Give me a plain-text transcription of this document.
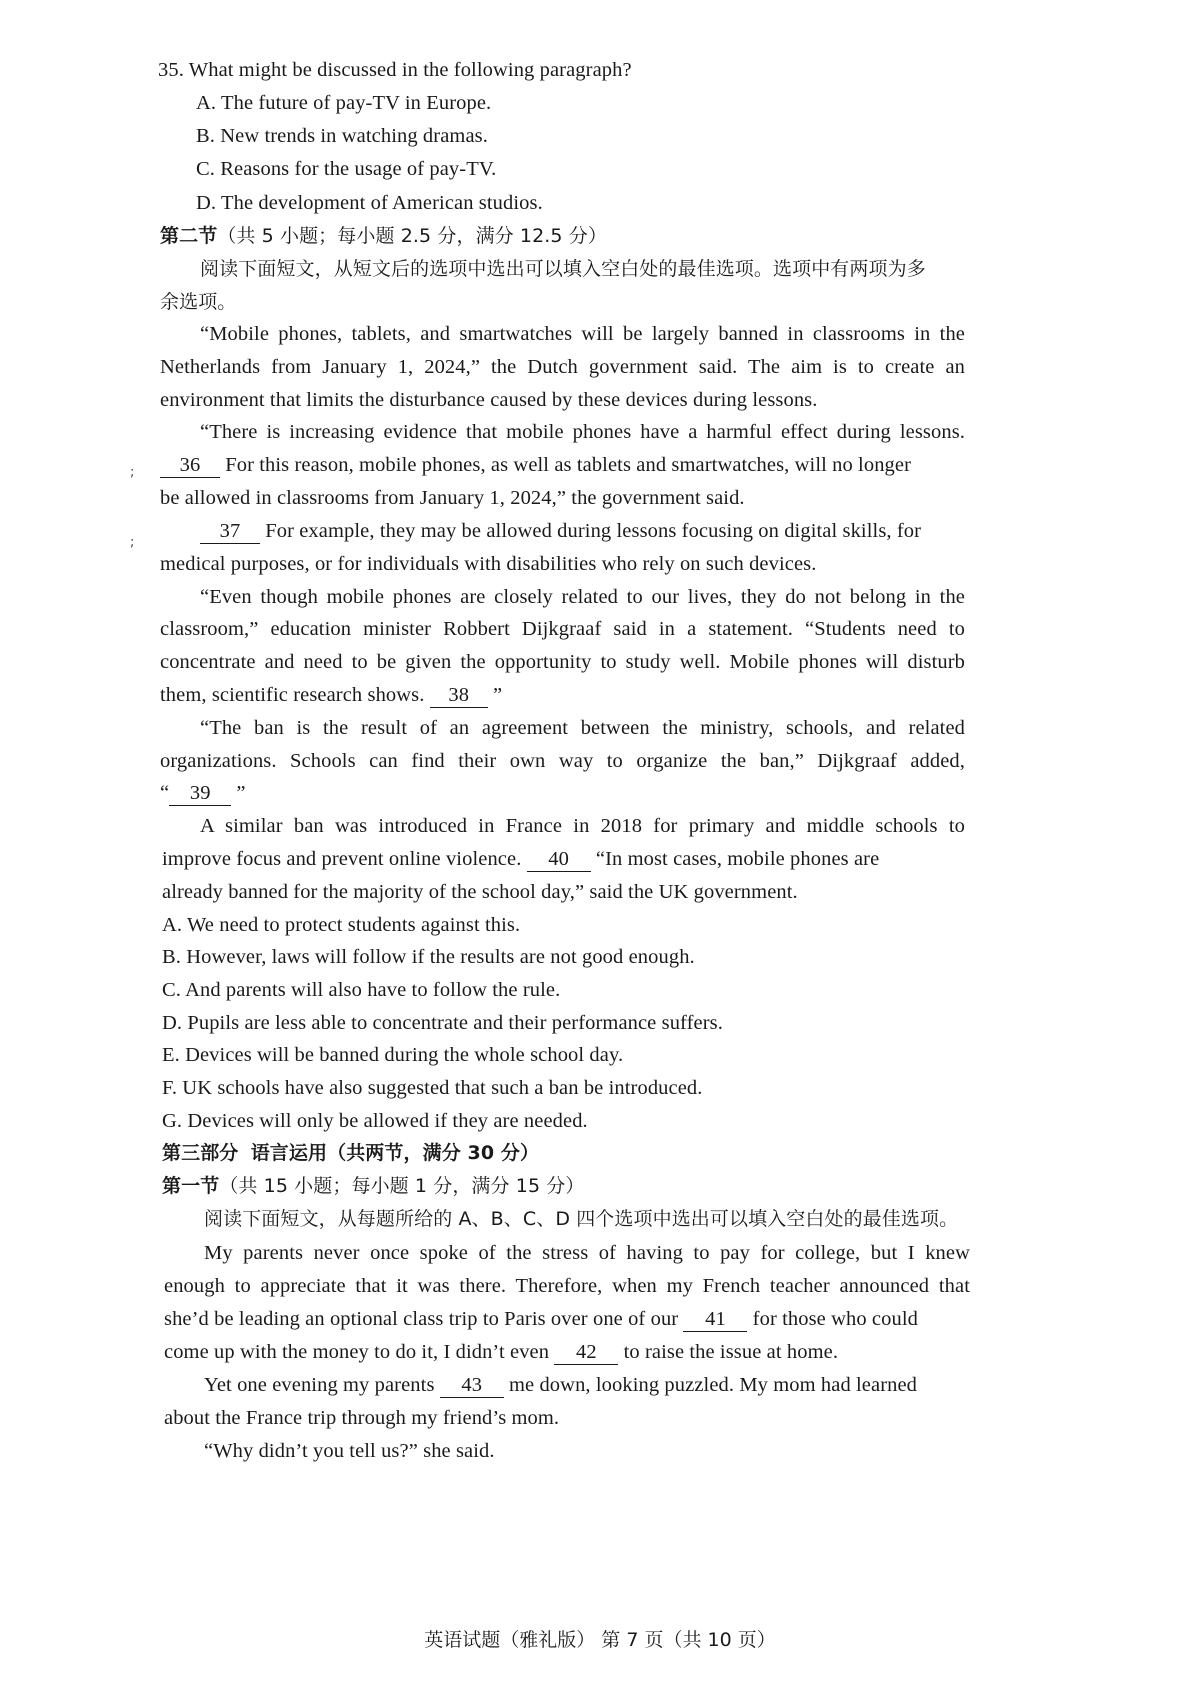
35. What might be discussed in the following paragraph?

A. The future of pay-TV in Europe.

B. New trends in watching dramas.

C. Reasons for the usage of pay-TV.

D. The development of American studios.

第二节（共 5 小题；每小题 2.5 分，满分 12.5 分）

阅读下面短文，从短文后的选项中选出可以填入空白处的最佳选项。选项中有两项为多

余选项。

“Mobile phones, tablets, and smartwatches will be largely banned in classrooms in the

Netherlands from January 1, 2024,” the Dutch government said. The aim is to create an

environment that limits the disturbance caused by these devices during lessons.

“There is increasing evidence that mobile phones have a harmful effect during lessons.

36 For this reason, mobile phones, as well as tablets and smartwatches, will no longer

be allowed in classrooms from January 1, 2024,” the government said.

37 For example, they may be allowed during lessons focusing on digital skills, for

medical purposes, or for individuals with disabilities who rely on such devices.

“Even though mobile phones are closely related to our lives, they do not belong in the

classroom,” education minister Robbert Dijkgraaf said in a statement. “Students need to

concentrate and need to be given the opportunity to study well. Mobile phones will disturb

them, scientific research shows. 38 ”

“The ban is the result of an agreement between the ministry, schools, and related

organizations. Schools can find their own way to organize the ban,” Dijkgraaf added,

“ 39 ”

A similar ban was introduced in France in 2018 for primary and middle schools to

improve focus and prevent online violence. 40 “In most cases, mobile phones are

already banned for the majority of the school day,” said the UK government.

A. We need to protect students against this.

B. However, laws will follow if the results are not good enough.

C. And parents will also have to follow the rule.

D. Pupils are less able to concentrate and their performance suffers.

E. Devices will be banned during the whole school day.

F. UK schools have also suggested that such a ban be introduced.

G. Devices will only be allowed if they are needed.

第三部分 语言运用（共两节，满分 30 分）

第一节（共 15 小题；每小题 1 分，满分 15 分）

阅读下面短文，从每题所给的 A、B、C、D 四个选项中选出可以填入空白处的最佳选项。

My parents never once spoke of the stress of having to pay for college, but I knew

enough to appreciate that it was there. Therefore, when my French teacher announced that

she’d be leading an optional class trip to Paris over one of our 41 for those who could

come up with the money to do it, I didn’t even 42 to raise the issue at home.

Yet one evening my parents 43 me down, looking puzzled. My mom had learned

about the France trip through my friend’s mom.

“Why didn’t you tell us?” she said.

;
;
英语试题（雅礼版） 第 7 页（共 10 页）
